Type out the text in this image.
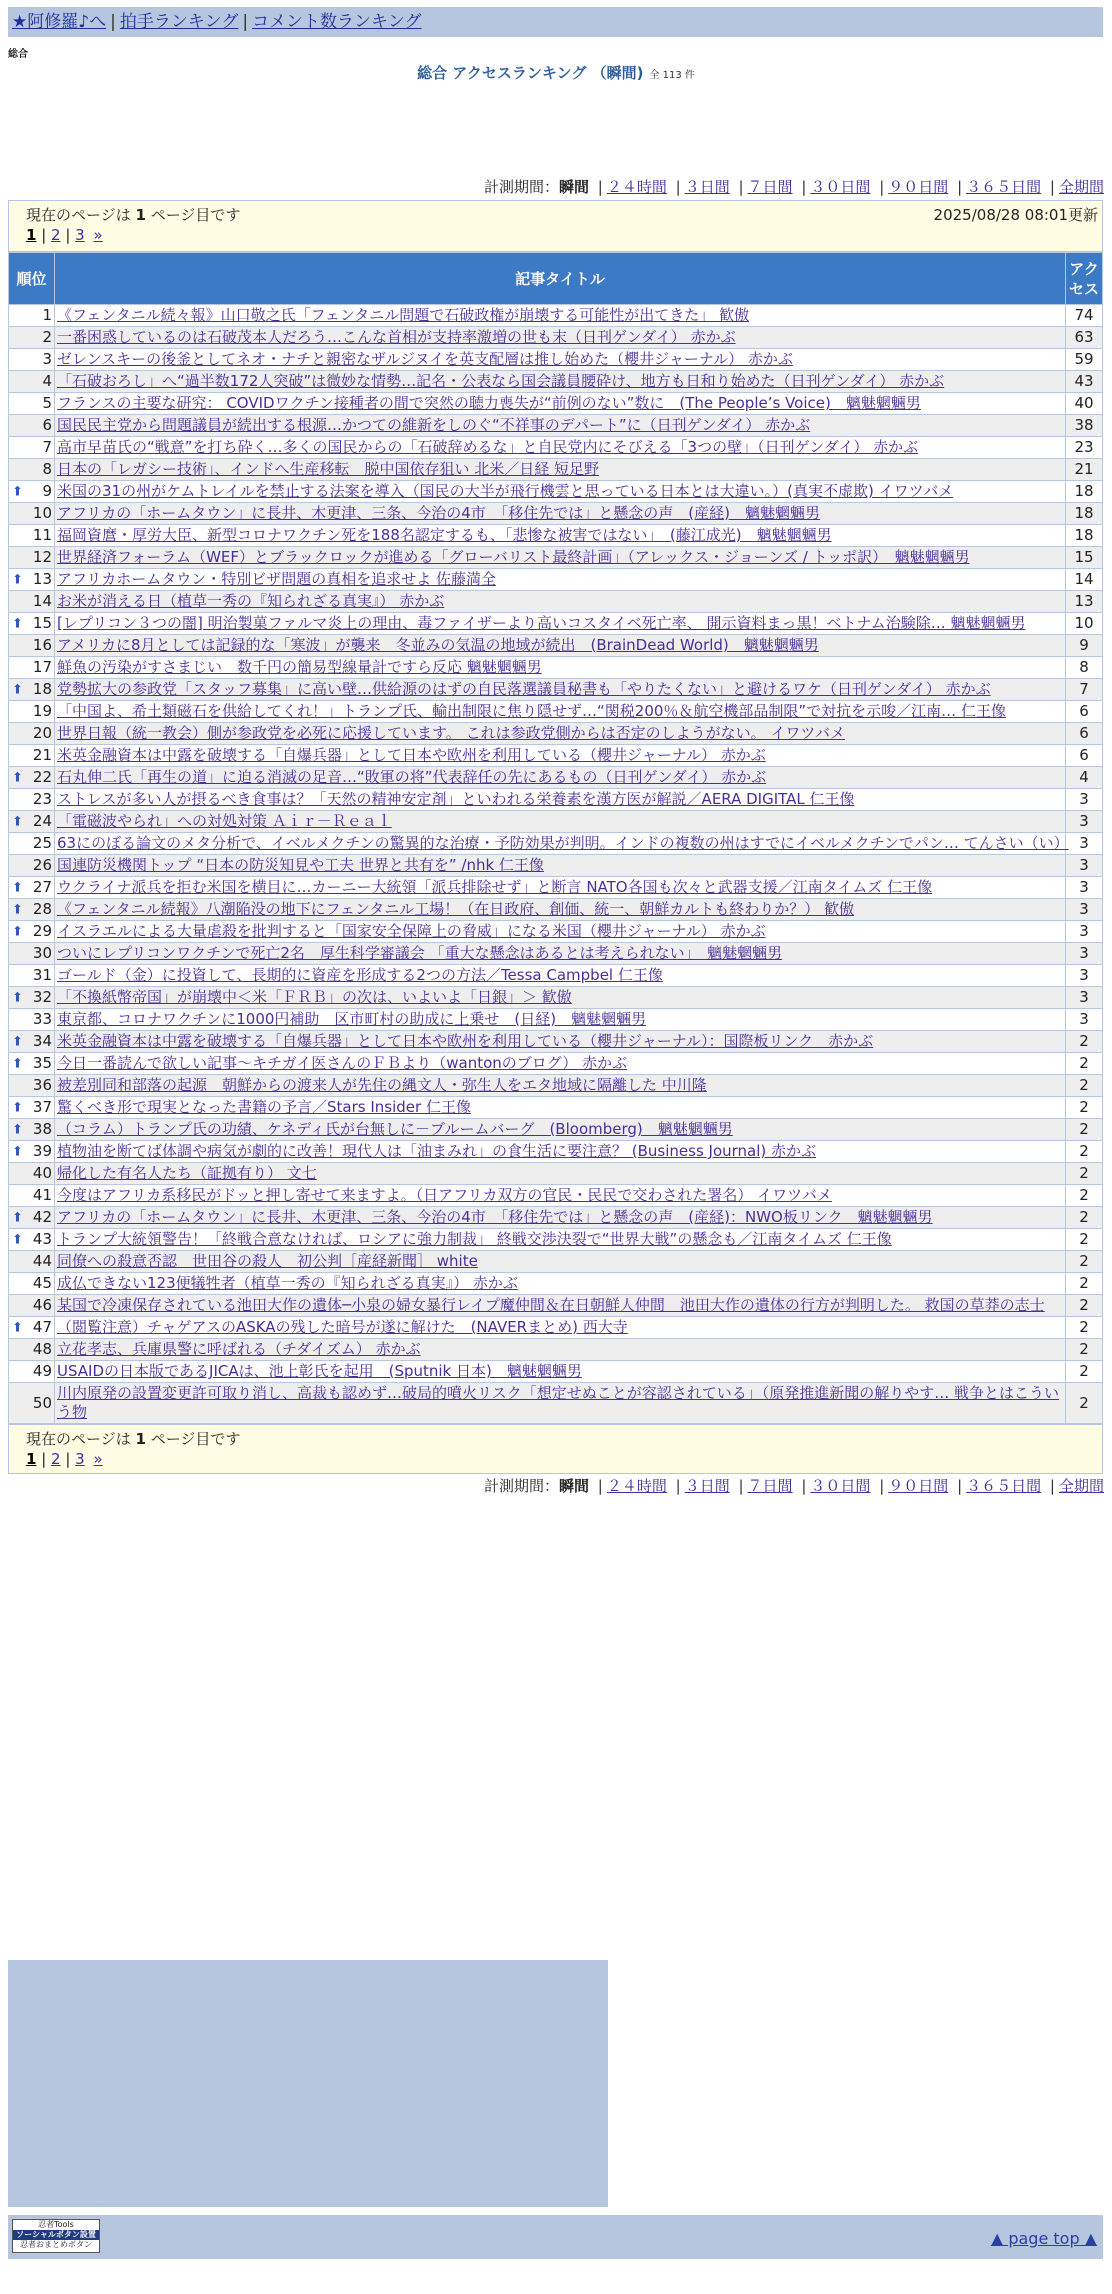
★阿修羅♪へ | 拍手ランキング | コメント数ランキング
総合
総合 アクセスランキング （瞬間) 全 113 件
計測期間：瞬間 | ２４時間 | ３日間 | ７日間 | ３０日間 | ９０日間 | ３６５日間 | 全期間
現在のページは 1 ページ目です	2025/08/28 08:01更新
1 | 2 | 3 »
順位	記事タイトル	アクセス
1	《フェンタニル続々報》山口敬之氏「フェンタニル問題で石破政権が崩壊する可能性が出てきた」 歓傲	74
2	一番困惑しているのは石破茂本人だろう…こんな首相が支持率激増の世も末（日刊ゲンダイ） 赤かぶ	63
3	ゼレンスキーの後釜としてネオ・ナチと親密なザルジヌイを英支配層は推し始めた（櫻井ジャーナル） 赤かぶ	59
4	「石破おろし」へ“過半数172人突破”は微妙な情勢…記名・公表なら国会議員腰砕け、地方も日和り始めた（日刊ゲンダイ） 赤かぶ	43
5	フランスの主要な研究： COVIDワクチン接種者の間で突然の聴力喪失が“前例のない”数に　(The People’s Voice)　魑魅魍魎男	40
6	国民民主党から問題議員が続出する根源…かつての維新をしのぐ“不祥事のデパート”に（日刊ゲンダイ） 赤かぶ	38
7	高市早苗氏の“戦意”を打ち砕く…多くの国民からの「石破辞めるな」と自民党内にそびえる「3つの壁」（日刊ゲンダイ） 赤かぶ	23
8	日本の「レガシー技術」、インドへ生産移転　脱中国依存狙い 北米／日経 短足野	21

⬆ 9	米国の31の州がケムトレイルを禁止する法案を導入（国民の大半が飛行機雲と思っている日本とは大違い。）(真実不虚欺) イワツバメ	18
10	アフリカの「ホームタウン」に長井、木更津、三条、今治の4市　「移住先では」と懸念の声　(産経)　魑魅魍魎男	18
11	福岡資麿・厚労大臣、新型コロナワクチン死を188名認定するも、「悲惨な被害ではない」　(藤江成光)　魑魅魍魎男	18
12	世界経済フォーラム（WEF）とブラックロックが進める「グローバリスト最終計画」（アレックス・ジョーンズ / トッポ訳）　魑魅魍魎男	15

⬆ 13	アフリカホームタウン・特別ビザ問題の真相を追求せよ 佐藤満全	14
14	お米が消える日（植草一秀の『知られざる真実』） 赤かぶ	13

⬆ 15	[レプリコン３つの闇] 明治製菓ファルマ炎上の理由、毒ファイザーより高いコスタイベ死亡率、 開示資料まっ黒！ベトナム治験除… 魑魅魍魎男	10
16	アメリカに8月としては記録的な「寒波」が襲来　冬並みの気温の地域が続出　(BrainDead World)　魑魅魍魎男	9
17	鮮魚の汚染がすさまじい　数千円の簡易型線量計ですら反応 魑魅魍魎男	8

⬆ 18	党勢拡大の参政党「スタッフ募集」に高い壁…供給源のはずの自民落選議員秘書も「やりたくない」と避けるワケ（日刊ゲンダイ） 赤かぶ	7
19	「中国よ、希土類磁石を供給してくれ！」トランプ氏、輸出制限に焦り隠せず…“関税200％＆航空機部品制限”で対抗を示唆／江南… 仁王像	6
20	世界日報（統一教会）側が参政党を必死に応援しています。 これは参政党側からは否定のしようがない。 イワツバメ	6
21	米英金融資本は中露を破壊する「自爆兵器」として日本や欧州を利用している（櫻井ジャーナル） 赤かぶ	6

⬆ 22	石丸伸二氏「再生の道」に迫る消滅の足音…“敗軍の将”代表辞任の先にあるもの（日刊ゲンダイ） 赤かぶ	4
23	ストレスが多い人が摂るべき食事は？「天然の精神安定剤」といわれる栄養素を漢方医が解説／AERA DIGITAL 仁王像	3

⬆ 24	「電磁波やられ」への対処対策 Ａｉｒ－Ｒｅａｌ	3
25	63にのぼる論文のメタ分析で、イベルメクチンの驚異的な治療・予防効果が判明。インドの複数の州はすでにイベルメクチンでパン… てんさい（い）	3
26	国連防災機関トップ “日本の防災知見や工夫 世界と共有を” /nhk 仁王像	3

⬆ 27	ウクライナ派兵を拒む米国を横目に…カーニー大統領「派兵排除せず」と断言 NATO各国も次々と武器支援／江南タイムズ 仁王像	3

⬆ 28	《フェンタニル続報》八潮陥没の地下にフェンタニル工場！（在日政府、創価、統一、朝鮮カルトも終わりか？） 歓傲	3

⬆ 29	イスラエルによる大量虐殺を批判すると「国家安全保障上の脅威」になる米国（櫻井ジャーナル） 赤かぶ	3
30	ついにレプリコンワクチンで死亡2名　厚生科学審議会 「重大な懸念はあるとは考えられない」　魑魅魍魎男	3
31	ゴールド（金）に投資して、長期的に資産を形成する2つの方法／Tessa Campbel 仁王像	3

⬆ 32	「不換紙幣帝国」が崩壊中＜米「ＦＲＢ」の次は、いよいよ「日銀」＞ 歓傲	3
33	東京都、コロナワクチンに1000円補助　区市町村の助成に上乗せ　(日経)　魑魅魍魎男	3

⬆ 34	米英金融資本は中露を破壊する「自爆兵器」として日本や欧州を利用している（櫻井ジャーナル）：国際板リンク　赤かぶ	2

⬆ 35	今日一番読んで欲しい記事～キチガイ医さんのＦＢより（wantonのブログ） 赤かぶ	2
36	被差別同和部落の起源　朝鮮からの渡来人が先住の縄文人・弥生人をエタ地域に隔離した 中川隆	2

⬆ 37	驚くべき形で現実となった書籍の予言／Stars Insider 仁王像	2

⬆ 38	（コラム）トランプ氏の功績、ケネディ氏が台無しに－ブルームバーグ　(Bloomberg)　魑魅魍魎男	2

⬆ 39	植物油を断てば体調や病気が劇的に改善！現代人は「油まみれ」の食生活に要注意？ (Business Journal) 赤かぶ	2
40	帰化した有名人たち（証拠有り） 文七	2
41	今度はアフリカ系移民がドッと押し寄せて来ますよ。（日アフリカ双方の官民・民民で交わされた署名） イワツバメ	2

⬆ 42	アフリカの「ホームタウン」に長井、木更津、三条、今治の4市　「移住先では」と懸念の声　(産経)：NWO板リンク　魑魅魍魎男	2

⬆ 43	トランプ大統領警告！「終戦合意なければ、ロシアに強力制裁」 終戦交渉決裂で“世界大戦”の懸念も／江南タイムズ 仁王像	2
44	同僚への殺意否認　世田谷の殺人　初公判［産経新聞］ white	2
45	成仏できない123便犠牲者（植草一秀の『知られざる真実』） 赤かぶ	2
46	某国で冷凍保存されている池田大作の遺体─小泉の婦女暴行レイプ魔仲間＆在日朝鮮人仲間　池田大作の遺体の行方が判明した。 救国の草莽の志士	2

⬆ 47	（閲覧注意）チャゲアスのASKAの残した暗号が遂に解けた　(NAVERまとめ) 西大寺	2
48	立花孝志、兵庫県警に呼ばれる（チダイズム） 赤かぶ	2
49	USAIDの日本版であるJICAは、池上彰氏を起用　(Sputnik 日本)　魑魅魍魎男	2
50	川内原発の設置変更許可取り消し、高裁も認めず…破局的噴火リスク「想定せぬことが容認されている」（原発推進新聞の解りやす… 戦争とはこういう物	2
計測期間：瞬間 | ２４時間 | ３日間 | ７日間 | ３０日間 | ９０日間 | ３６５日間 | 全期間
現在のページは 1 ページ目です
1 | 2 | 3 »
忍者Tools
ソーシャルボタン設置
忍者おまとめボタン	▲ page top ▲
